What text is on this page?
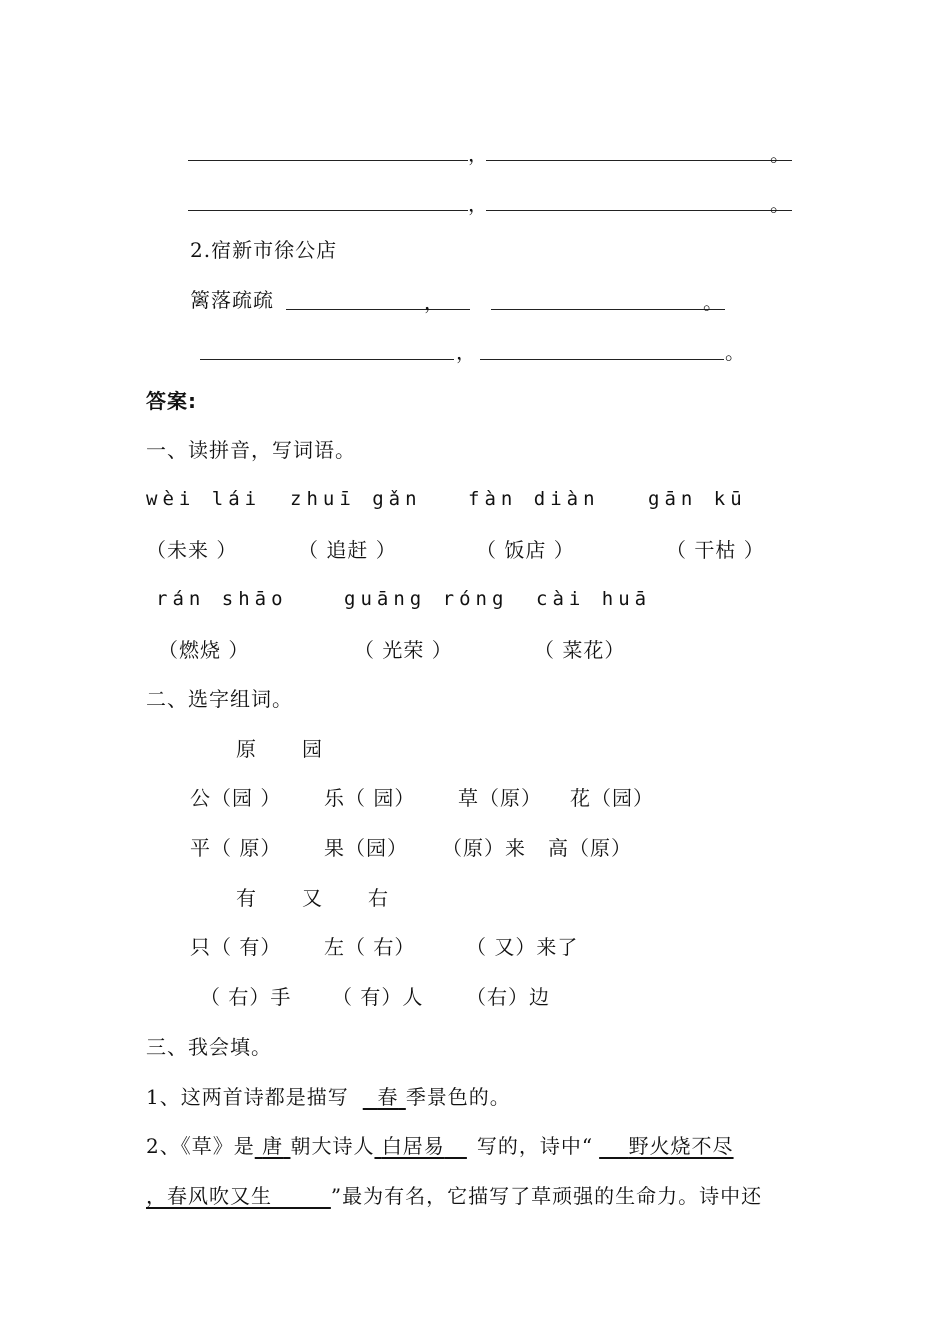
，	。
，	。
2.宿新市徐公店
篱落疏疏	，	。
，	。
答案:
一、读拼音，写词语。
wèi lái zhuī gǎn fàn diàn	gān kū
（未来 ）	（ 追赶 ）	（ 饭店 ）	（ 干枯 ）
rán shāo	guāng róng cài huā
（燃烧 ）	（ 光荣 ）	（ 菜花）
二、选字组词。
原 园
公（园 ） 乐（ 园） 草（原） 花（园）
平（ 原） 果（园） （原）来 高（原）
有 又 右
只（ 有） 左（ 右）	（ 又）来了
（ 右）手 （ 有）人 （右）边
三、我会填。
1、这两首诗都是描写 春 季景色的。
2、《草》是 唐 朝大诗人 白居易 写的，诗中“ 野火烧不尽
，春风吹又生	”最为有名，它描写了草顽强的生命力。诗中还
